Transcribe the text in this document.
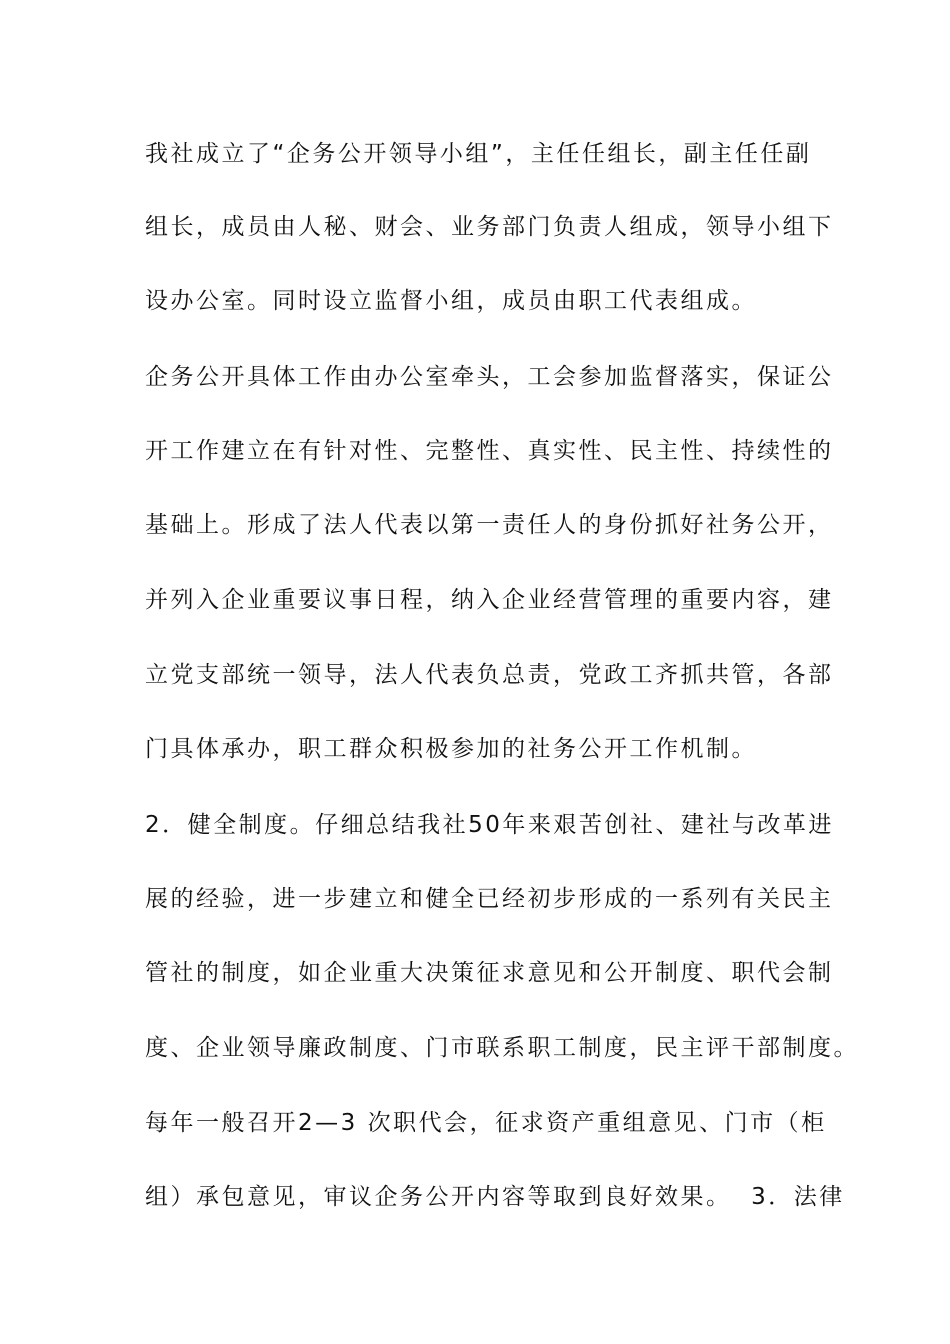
我社成立了“企务公开领导小组”，主任任组长，副主任任副
组长，成员由人秘、财会、业务部门负责人组成，领导小组下
设办公室。同时设立监督小组，成员由职工代表组成。
企务公开具体工作由办公室牵头，工会参加监督落实，保证公
开工作建立在有针对性、完整性、真实性、民主性、持续性的
基础上。形成了法人代表以第一责任人的身份抓好社务公开，
并列入企业重要议事日程，纳入企业经营管理的重要内容，建
立党支部统一领导，法人代表负总责，党政工齐抓共管，各部
门具体承办，职工群众积极参加的社务公开工作机制。
2．健全制度。仔细总结我社50年来艰苦创社、建社与改革进
展的经验，进一步建立和健全已经初步形成的一系列有关民主
管社的制度，如企业重大决策征求意见和公开制度、职代会制
度、企业领导廉政制度、门市联系职工制度，民主评干部制度。
每年一般召开2—3 次职代会，征求资产重组意见、门市（柜
组）承包意见，审议企务公开内容等取到良好效果。  3．法律
